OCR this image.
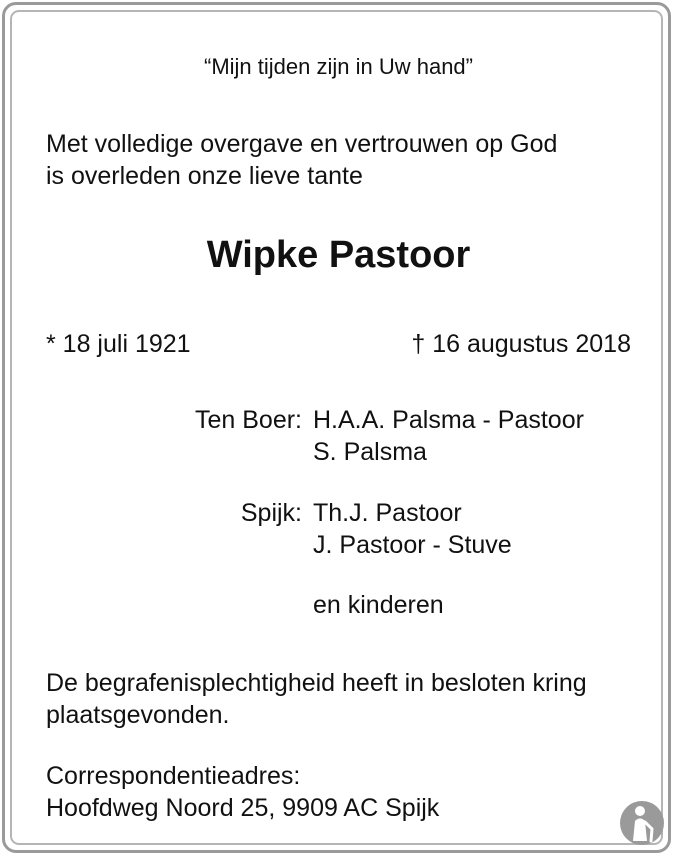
“Mijn tijden zijn in Uw hand”
Met volledige overgave en vertrouwen op God
is overleden onze lieve tante
Wipke Pastoor
* 18 juli 1921	† 16 augustus 2018
Ten Boer: H.A.A. Palsma - Pastoor
S. Palsma
Spijk: Th.J. Pastoor
J. Pastoor - Stuve
en kinderen
De begrafenisplechtigheid heeft in besloten kring
plaatsgevonden.
Correspondentieadres:
Hoofdweg Noord 25, 9909 AC Spijk
